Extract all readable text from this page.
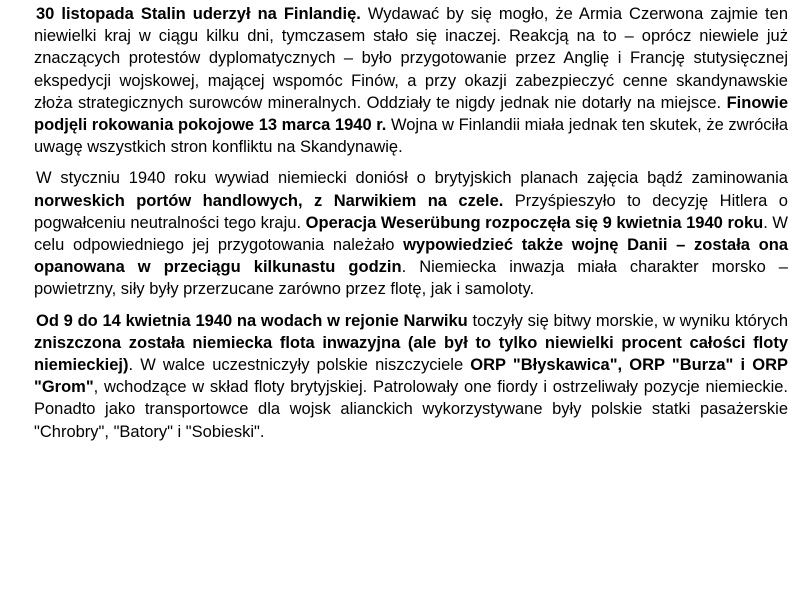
30 listopada Stalin uderzył na Finlandię. Wydawać by się mogło, że Armia Czerwona zajmie ten niewielki kraj w ciągu kilku dni, tymczasem stało się inaczej. Reakcją na to – oprócz niewiele już znaczących protestów dyplomatycznych – było przygotowanie przez Anglię i Francję stutysięcznej ekspedycji wojskowej, mającej wspomóc Finów, a przy okazji zabezpieczyć cenne skandynawskie złoża strategicznych surowców mineralnych. Oddziały te nigdy jednak nie dotarły na miejsce. Finowie podjęli rokowania pokojowe 13 marca 1940 r. Wojna w Finlandii miała jednak ten skutek, że zwróciła uwagę wszystkich stron konfliktu na Skandynawię.

W styczniu 1940 roku wywiad niemiecki doniósł o brytyjskich planach zajęcia bądź zaminowania norweskich portów handlowych, z Narwikiem na czele. Przyśpieszyło to decyzję Hitlera o pogwałceniu neutralności tego kraju. Operacja Weserübung rozpoczęła się 9 kwietnia 1940 roku. W celu odpowiedniego jej przygotowania należało wypowiedzieć także wojnę Danii – została ona opanowana w przeciągu kilkunastu godzin. Niemiecka inwazja miała charakter morsko – powietrzny, siły były przerzucane zarówno przez flotę, jak i samoloty.

Od 9 do 14 kwietnia 1940 na wodach w rejonie Narwiku toczyły się bitwy morskie, w wyniku których zniszczona została niemiecka flota inwazyjna (ale był to tylko niewielki procent całości floty niemieckiej). W walce uczestniczyły polskie niszczyciele ORP "Błyskawica", ORP "Burza" i ORP "Grom", wchodzące w skład floty brytyjskiej. Patrolowały one fiordy i ostrzeliwały pozycje niemieckie. Ponadto jako transportowce dla wojsk alianckich wykorzystywane były polskie statki pasażerskie "Chrobry", "Batory" i "Sobieski".
